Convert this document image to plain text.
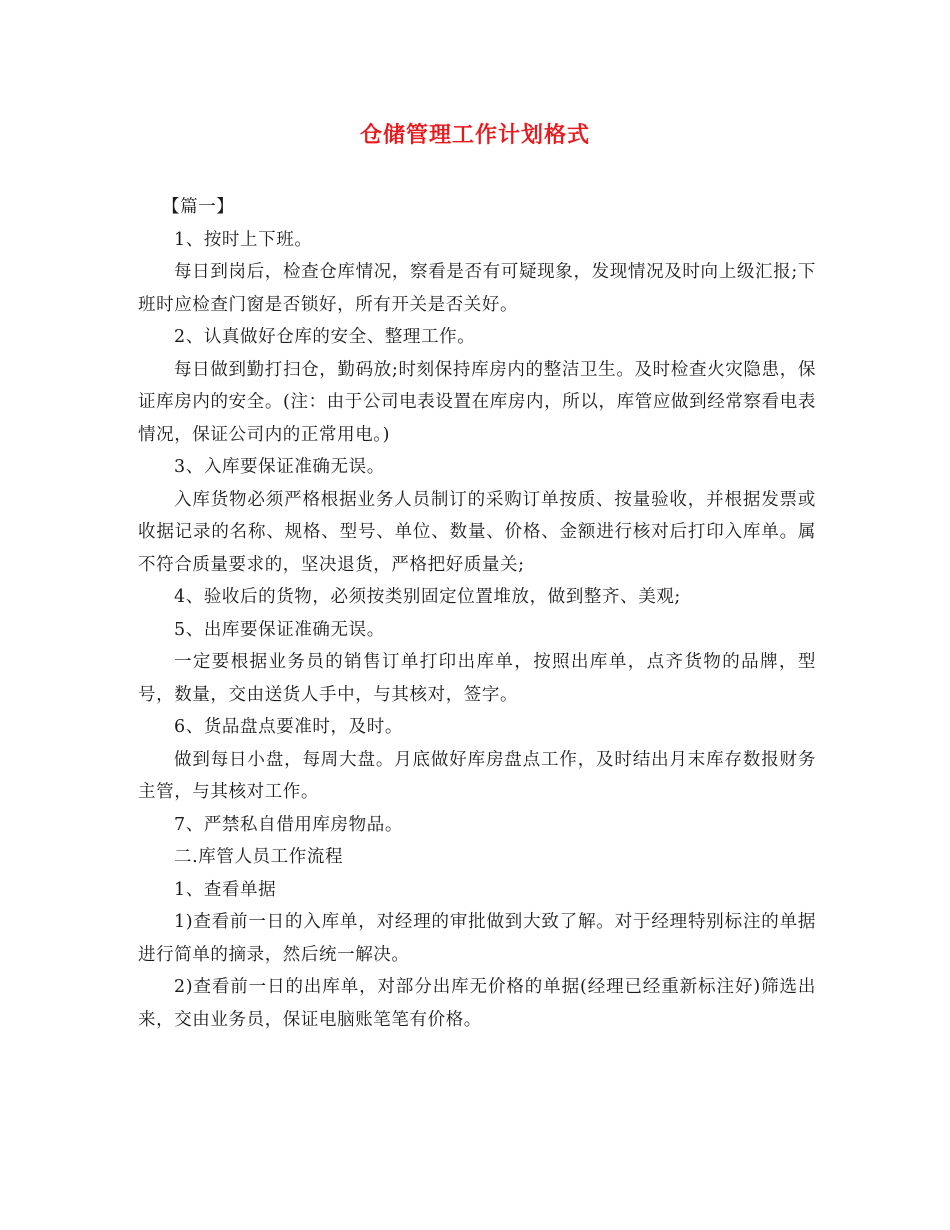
仓储管理工作计划格式

【篇一】

1、按时上下班。

每日到岗后，检查仓库情况，察看是否有可疑现象，发现情况及时向上级汇报;下班时应检查门窗是否锁好，所有开关是否关好。

2、认真做好仓库的安全、整理工作。

每日做到勤打扫仓，勤码放;时刻保持库房内的整洁卫生。及时检查火灾隐患，保证库房内的安全。(注：由于公司电表设置在库房内，所以，库管应做到经常察看电表情况，保证公司内的正常用电。)

3、入库要保证准确无误。

入库货物必须严格根据业务人员制订的采购订单按质、按量验收，并根据发票或收据记录的名称、规格、型号、单位、数量、价格、金额进行核对后打印入库单。属不符合质量要求的，坚决退货，严格把好质量关;

4、验收后的货物，必须按类别固定位置堆放，做到整齐、美观;

5、出库要保证准确无误。

一定要根据业务员的销售订单打印出库单，按照出库单，点齐货物的品牌，型号，数量，交由送货人手中，与其核对，签字。

6、货品盘点要准时，及时。

做到每日小盘，每周大盘。月底做好库房盘点工作，及时结出月末库存数报财务主管，与其核对工作。

7、严禁私自借用库房物品。

二.库管人员工作流程

1、查看单据

1)查看前一日的入库单，对经理的审批做到大致了解。对于经理特别标注的单据进行简单的摘录，然后统一解决。

2)查看前一日的出库单，对部分出库无价格的单据(经理已经重新标注好)筛选出来，交由业务员，保证电脑账笔笔有价格。
